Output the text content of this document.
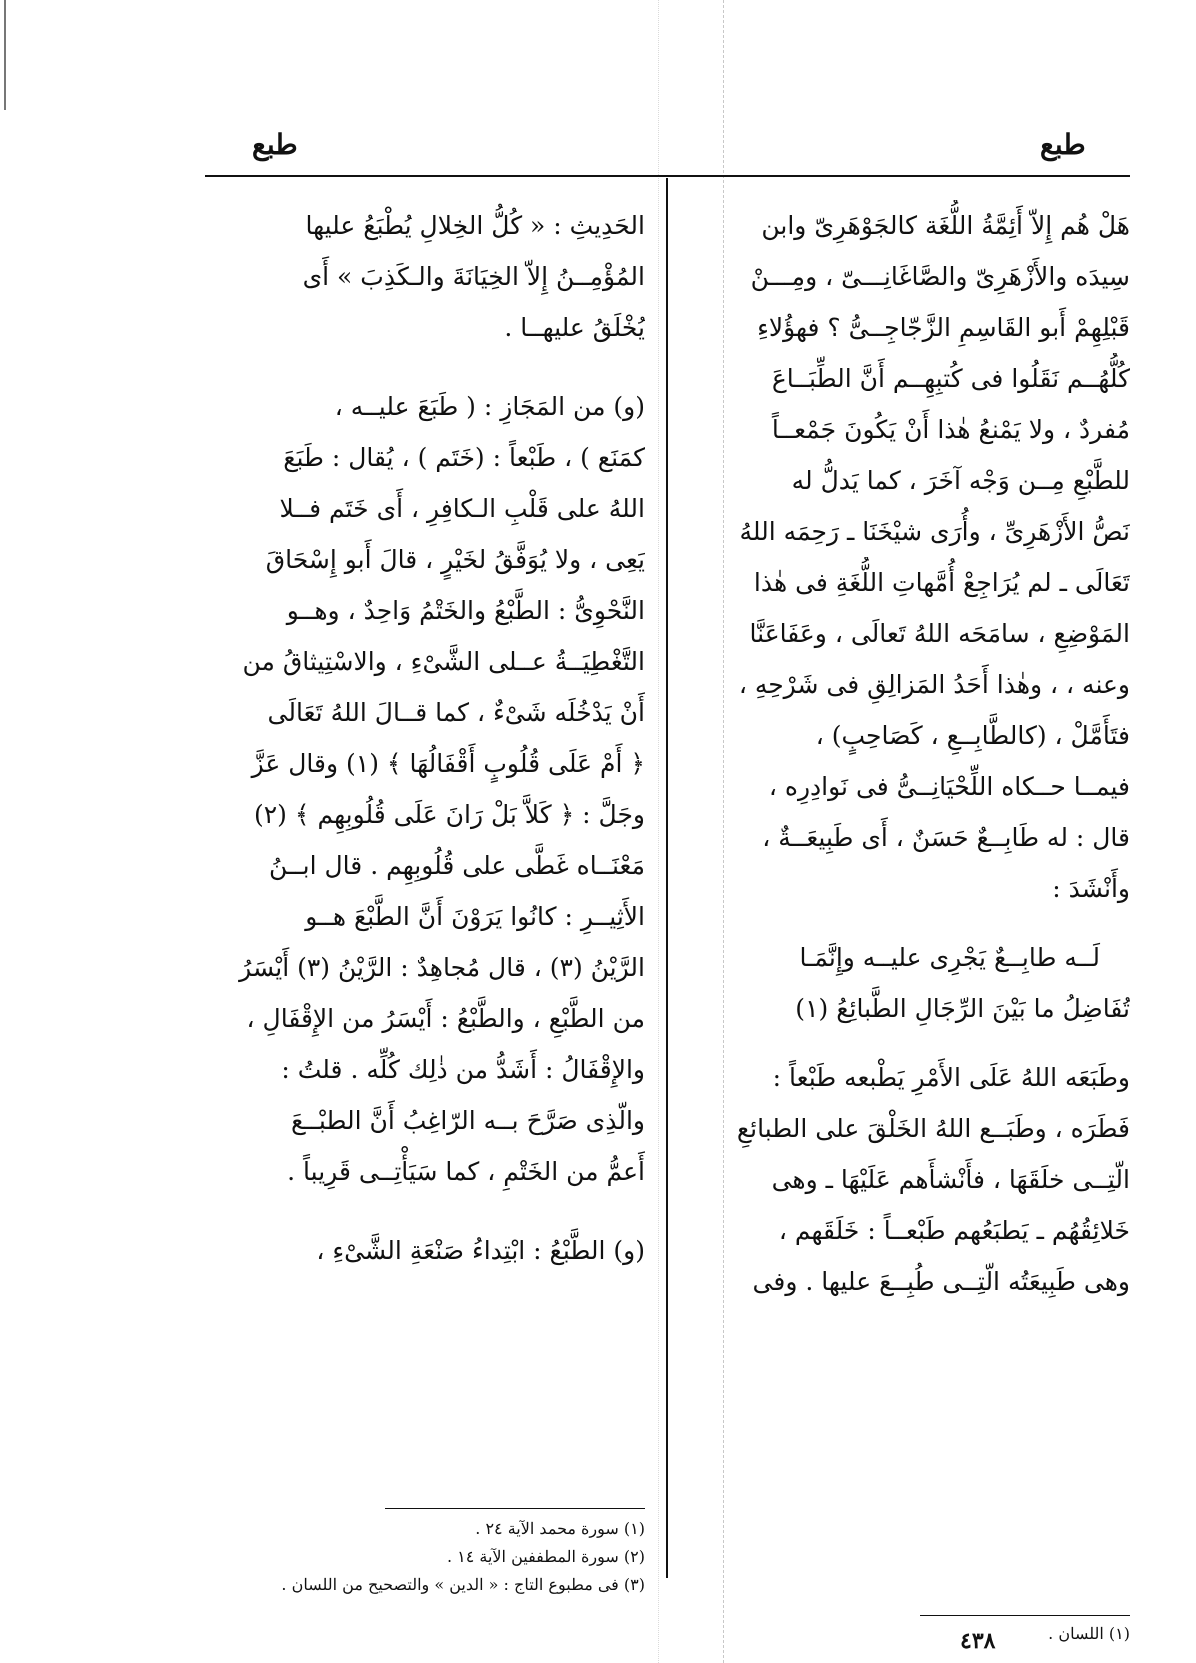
طبع
طبع
هَلْ هُم إِلاّ أَئِمَّةُ اللُّغَة كالجَوْهَرِىّ وابن
سِيدَه والأَزْهَرِىّ والصَّاغَانِـــىّ ، ومِـــنْ
قَبْلِهِمْ أَبو القَاسِمِ الزَّجّاجِــىُّ ؟ فهؤُلاءِ
كُلُّهُــم نَقَلُوا فى كُتبِهِــم أَنَّ الطِّبَــاعَ
مُفردٌ ، ولا يَمْنعُ هٰذا أَنْ يَكُونَ جَمْعــاً
للطَّبْعِ مِــن وَجْه آخَرَ ، كما يَدلُّ له
نَصُّ الأَزْهَرِىِّ ، وأُرَى شيْخَنَا ـ رَحِمَه اللهُ
تَعَالَى ـ لم يُرَاجِعْ أُمَّهاتِ اللُّغَةِ فى هٰذا
المَوْضِعِ ، سامَحَه اللهُ تَعالَى ، وعَفَاعَنَّا
وعنه ، ، وهٰذا أَحَدُ المَزالِقِ فى شَرْحِهِ ،
فتَأَمَّلْ ، (كالطَّابِــعِ ، كَصَاحِبٍ) ،
فيمــا حــكاه اللِّحْيَانِــىُّ فى نَوادِرِه ،
قال : له طَابِــعٌ حَسَنٌ ، أَى طَبِيعَــةٌ ،
وأَنْشَدَ :
لَــه طابِــعٌ يَجْرِى عليــه وإِنَّمَـا
تُفَاضِلُ ما بَيْنَ الرِّجَالِ الطَّبائِعُ (١)
وطَبَعَه اللهُ عَلَى الأَمْرِ يَطْبعه طَبْعاً :
فَطَرَه ، وطَبَــع اللهُ الخَلْقَ على الطبائعِ
الّتِــى خلَقَهَا ، فأَنْشأَهم عَلَيْهَا ـ وهى
خَلائِقُهُم ـ يَطبَعُهم طَبْعــاً : خَلَقَهم ،
وهى طَبِيعَتُه الّتِــى طُبِــعَ عليها . وفى
الحَدِيثِ : « كُلُّ الخِلالِ يُطْبَعُ عليها
المُؤْمِــنُ إِلاّ الخِيَانَةَ والـكَذِبَ » أَى
يُخْلَقُ عليهــا .
(و) من المَجَازِ : ( طَبَعَ عليــه ،
كمَنَع ) ، طَبْعاً : (خَتَم ) ، يُقال : طَبَعَ
اللهُ على قَلْبِ الـكافِرِ ، أَى خَتَم فــلا
يَعِى ، ولا يُوَفَّقُ لخَيْرٍ ، قالَ أَبو إِسْحَاقَ
النَّحْوِىُّ : الطَّبْعُ والخَتْمُ وَاحِدٌ ، وهــو
التَّغْطِيَــةُ عــلى الشَّىْءِ ، والاسْتِيثاقُ من
أَنْ يَدْخُلَه شَىْءٌ ، كما قــالَ اللهُ تَعَالَى
﴿ أَمْ عَلَى قُلُوبٍ أَقْفَالُهَا ﴾ (١) وقال عَزَّ
وجَلَّ : ﴿ كَلاَّ بَلْ رَانَ عَلَى قُلُوبِهِم ﴾ (٢)
مَعْنَــاه غَطَّى على قُلُوبِهِم . قال ابــنُ
الأَثِيــرِ : كانُوا يَرَوْنَ أَنَّ الطَّبْعَ هــو
الرَّيْنُ (٣) ، قال مُجاهِدٌ : الرَّيْنُ (٣) أَيْسَرُ
من الطَّبْعِ ، والطَّبْعُ : أَيْسَرُ من الإِقْفَالِ ،
والإِقْفَالُ : أَشَدُّ من ذٰلِك كُلِّه . قلتُ :
والّذِى صَرَّحَ بــه الرّاغِبُ أَنَّ الطبْــعَ
أَعمُّ من الخَتْمِ ، كما سَيَأْتِــى قَرِيباً .
(و) الطَّبْعُ : ابْتِداءُ صَنْعَةِ الشَّىْءِ ،
(١) اللسان .
(١) سورة محمد الآية ٢٤ .
(٢) سورة المطففين الآية ١٤ .
(٣) فى مطبوع التاج : « الدين » والتصحيح من اللسان .
٤٣٨
